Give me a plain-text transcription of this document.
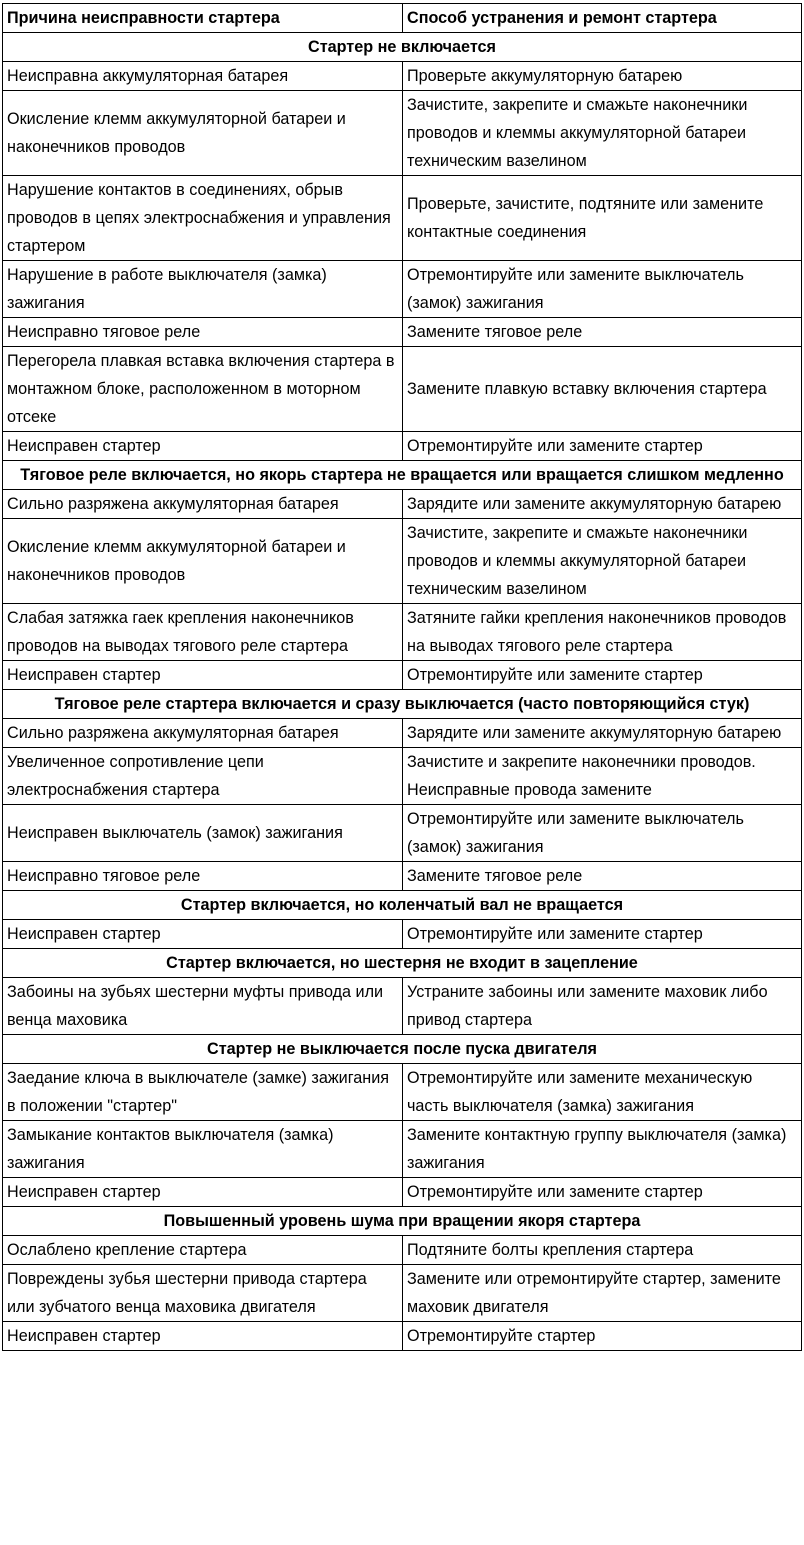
Причина неисправности стартера	Способ устранения и ремонт стартера
Стартер не включается	
Неисправна аккумуляторная батарея	Проверьте аккумуляторную батарею
Окисление клемм аккумуляторной батареи и наконечников проводов	Зачистите, закрепите и смажьте наконечники проводов и клеммы аккумуляторной батареи техническим вазелином
Нарушение контактов в соединениях, обрыв проводов в цепях электроснабжения и управления стартером	Проверьте, зачистите, подтяните или замените контактные соединения
Нарушение в работе выключателя (замка) зажигания	Отремонтируйте или замените выключатель (замок) зажигания
Неисправно тяговое реле	Замените тяговое реле
Перегорела плавкая вставка включения стартера в монтажном блоке, расположенном в моторном отсеке	Замените плавкую вставку включения стартера
Неисправен стартер	Отремонтируйте или замените стартер
Тяговое реле включается, но якорь стартера не вращается или вращается слишком медленно	
Сильно разряжена аккумуляторная батарея	Зарядите или замените аккумуляторную батарею
Окисление клемм аккумуляторной батареи и наконечников проводов	Зачистите, закрепите и смажьте наконечники проводов и клеммы аккумуляторной батареи техническим вазелином
Слабая затяжка гаек крепления наконечников проводов на выводах тягового реле стартера	Затяните гайки крепления наконечников проводов на выводах тягового реле стартера
Неисправен стартер	Отремонтируйте или замените стартер
Тяговое реле стартера включается и сразу выключается (часто повторяющийся стук)	
Сильно разряжена аккумуляторная батарея	Зарядите или замените аккумуляторную батарею
Увеличенное сопротивление цепи электроснабжения стартера	Зачистите и закрепите наконечники проводов. Неисправные провода замените
Неисправен выключатель (замок) зажигания	Отремонтируйте или замените выключатель (замок) зажигания
Неисправно тяговое реле	Замените тяговое реле
Стартер включается, но коленчатый вал не вращается	
Неисправен стартер	Отремонтируйте или замените стартер
Стартер включается, но шестерня не входит в зацепление	
Забоины на зубьях шестерни муфты привода или венца маховика	Устраните забоины или замените маховик либо привод стартера
Стартер не выключается после пуска двигателя	
Заедание ключа в выключателе (замке) зажигания в положении "стартер"	Отремонтируйте или замените механическую часть выключателя (замка) зажигания
Замыкание контактов выключателя (замка) зажигания	Замените контактную группу выключателя (замка) зажигания
Неисправен стартер	Отремонтируйте или замените стартер
Повышенный уровень шума при вращении якоря стартера	
Ослаблено крепление стартера	Подтяните болты крепления стартера
Повреждены зубья шестерни привода стартера или зубчатого венца маховика двигателя	Замените или отремонтируйте стартер, замените маховик двигателя
Неисправен стартер	Отремонтируйте стартер
